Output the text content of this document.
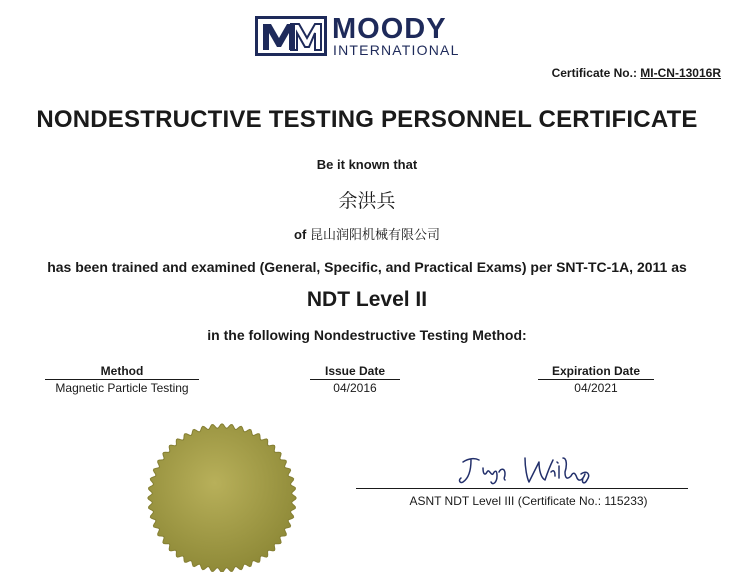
MOODY
INTERNATIONAL
Certificate No.: MI-CN-13016R
NONDESTRUCTIVE TESTING PERSONNEL CERTIFICATE
Be it known that
余洪兵
of 昆山润阳机械有限公司
has been trained and examined (General, Specific, and Practical Exams) per SNT-TC-1A, 2011 as
NDT Level II
in the following Nondestructive Testing Method:
Method
Magnetic Particle Testing
Issue Date
04/2016
Expiration Date
04/2021
ASNT NDT Level III (Certificate No.: 115233)
